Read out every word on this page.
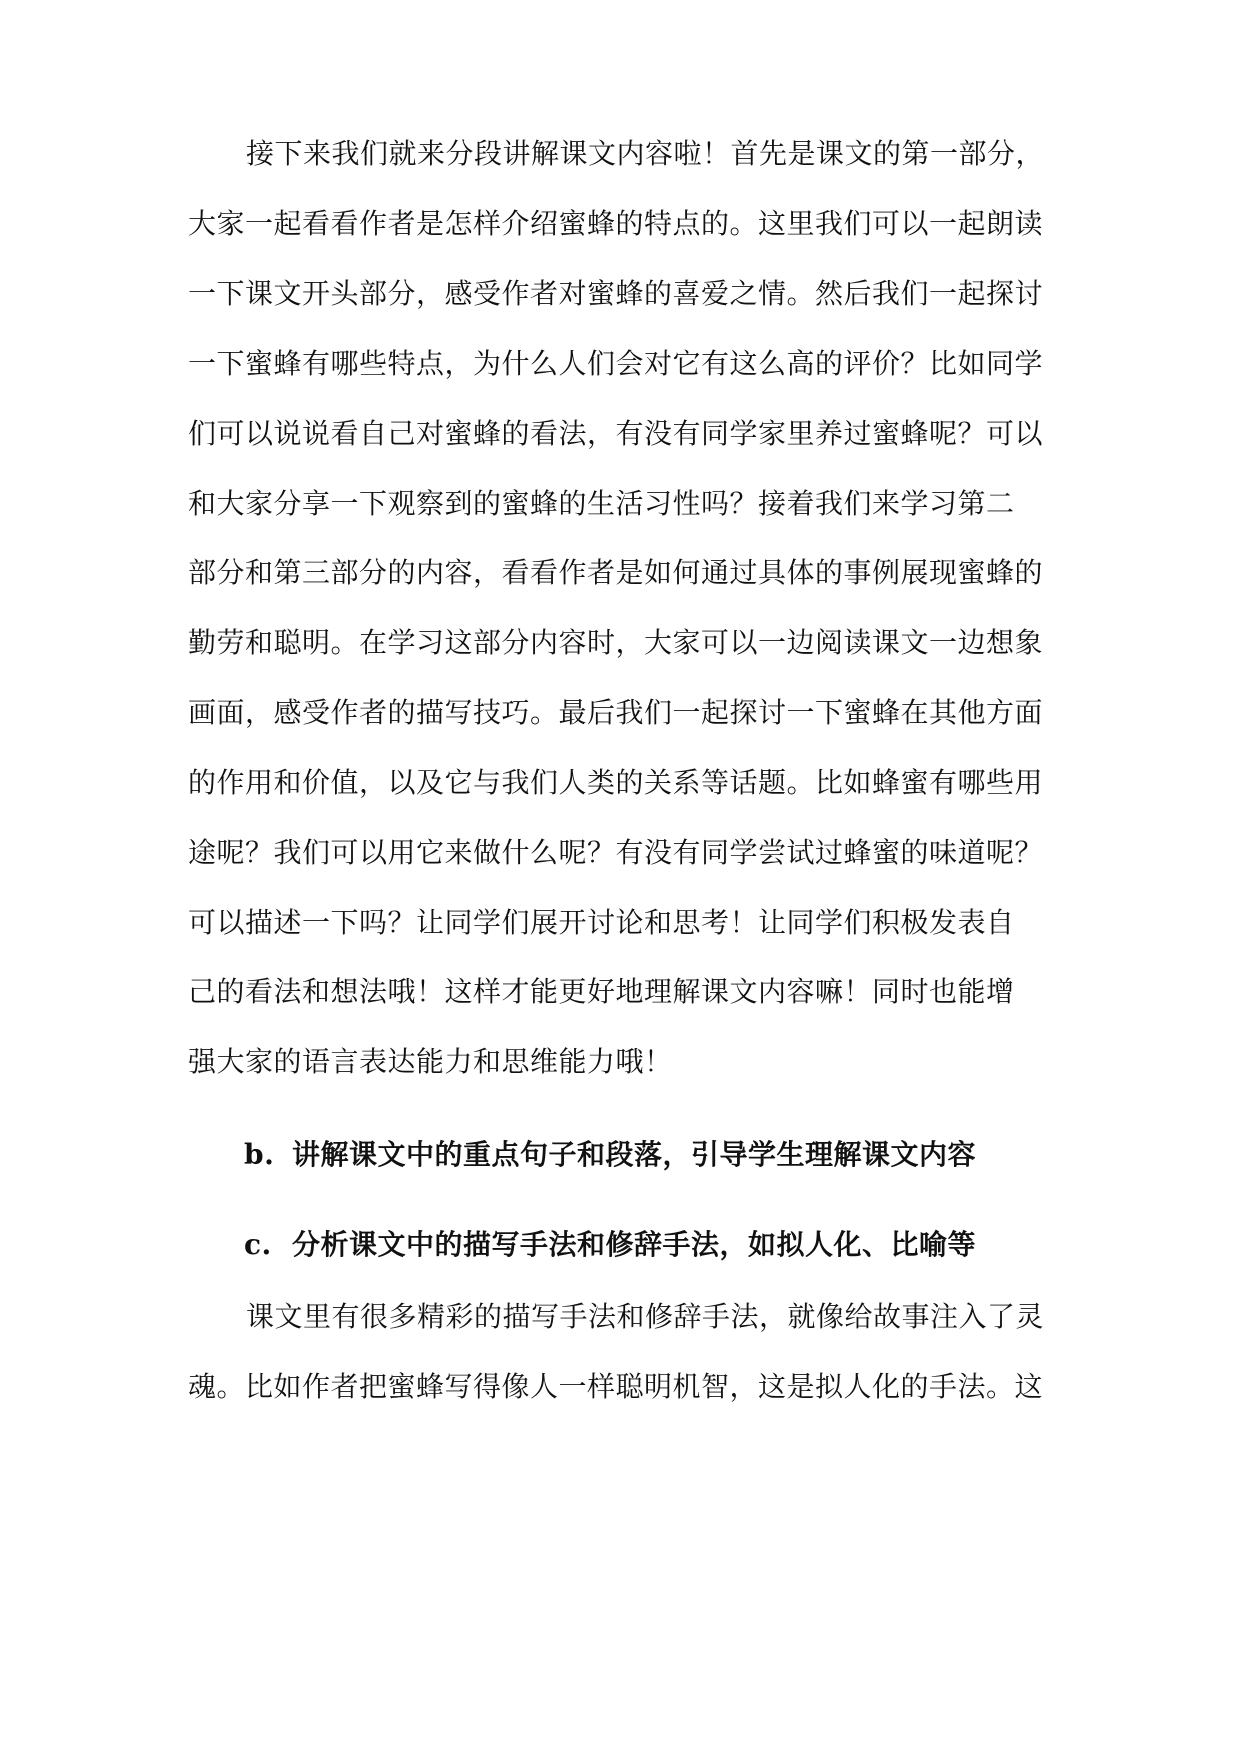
接下来我们就来分段讲解课文内容啦！首先是课文的第一部分，
大家一起看看作者是怎样介绍蜜蜂的特点的。这里我们可以一起朗读
一下课文开头部分，感受作者对蜜蜂的喜爱之情。然后我们一起探讨
一下蜜蜂有哪些特点，为什么人们会对它有这么高的评价？比如同学
们可以说说看自己对蜜蜂的看法，有没有同学家里养过蜜蜂呢？可以
和大家分享一下观察到的蜜蜂的生活习性吗？接着我们来学习第二
部分和第三部分的内容，看看作者是如何通过具体的事例展现蜜蜂的
勤劳和聪明。在学习这部分内容时，大家可以一边阅读课文一边想象
画面，感受作者的描写技巧。最后我们一起探讨一下蜜蜂在其他方面
的作用和价值，以及它与我们人类的关系等话题。比如蜂蜜有哪些用
途呢？我们可以用它来做什么呢？有没有同学尝试过蜂蜜的味道呢？
可以描述一下吗？让同学们展开讨论和思考！让同学们积极发表自
己的看法和想法哦！这样才能更好地理解课文内容嘛！同时也能增
强大家的语言表达能力和思维能力哦！
b. 讲解课文中的重点句子和段落，引导学生理解课文内容
c. 分析课文中的描写手法和修辞手法，如拟人化、比喻等
课文里有很多精彩的描写手法和修辞手法，就像给故事注入了灵
魂。比如作者把蜜蜂写得像人一样聪明机智，这是拟人化的手法。这
